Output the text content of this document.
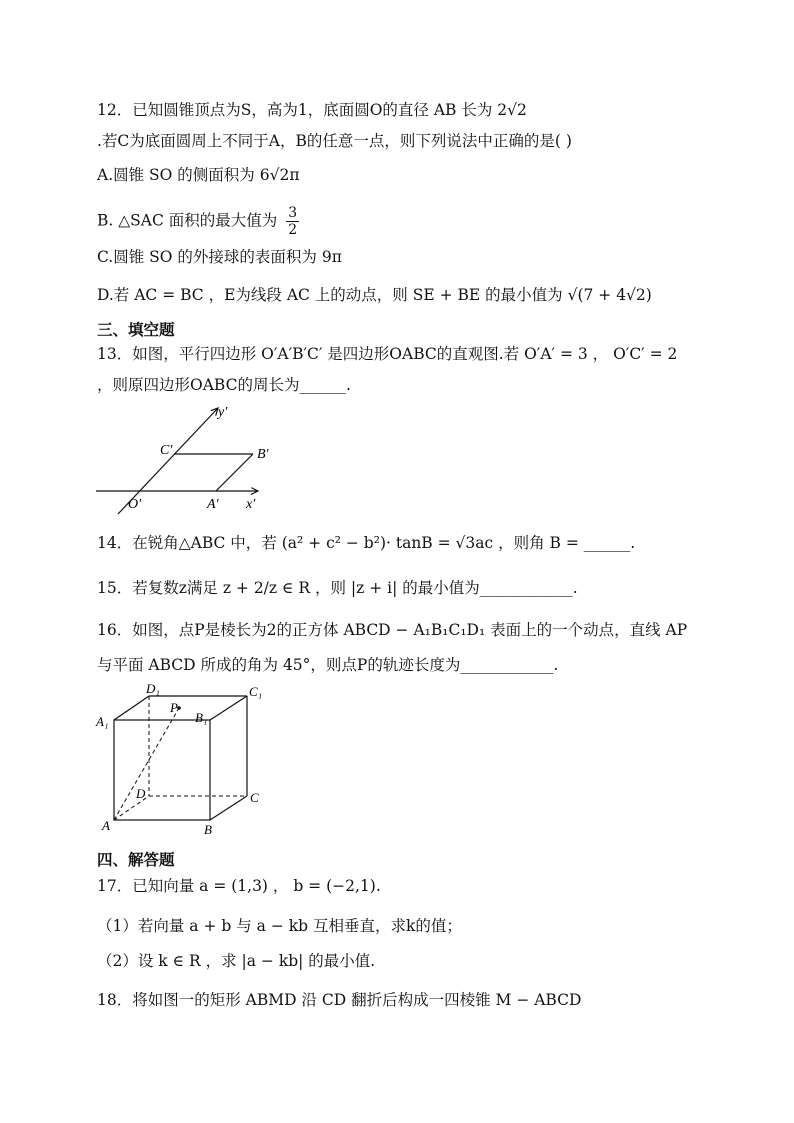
12．已知圆锥顶点为S，高为1，底面圆O的直径 AB 长为 2√2
.若C为底面圆周上不同于A，B的任意一点，则下列说法中正确的是( )
A.圆锥 SO 的侧面积为 6√2π
B. △SAC 面积的最大值为 $\frac{3}{2}$
C.圆锥 SO 的外接球的表面积为 9π
D.若 AC = BC ，E为线段 AC 上的动点，则 SE + BE 的最小值为 √(7 + 4√2)
三、填空题
13．如图，平行四边形 O′A′B′C′ 是四边形OABC的直观图.若 O′A′ = 3 ， O′C′ = 2
，则原四边形OABC的周长为______.
y′
C′	B′
O′	A′ x′
14．在锐角△ABC 中，若 (a² + c² − b²)· tanB = √3ac ，则角 B = ______.
15．若复数z满足 z + 2/z ∈ R ，则 |z + i| 的最小值为____________.
16．如图，点P是棱长为2的正方体 ABCD − A₁B₁C₁D₁ 表面上的一个动点，直线 AP
与平面 ABCD 所成的角为 45°，则点P的轨迹长度为____________.
D₁	C₁
A₁
P
B₁
D	C
A	B
四、解答题
17．已知向量 a = (1,3) ， b = (−2,1).
（1）若向量 a + b 与 a − kb 互相垂直，求k的值；
（2）设 k ∈ R ，求 |a − kb| 的最小值.
18．将如图一的矩形 ABMD 沿 CD 翻折后构成一四棱锥 M − ABCD
